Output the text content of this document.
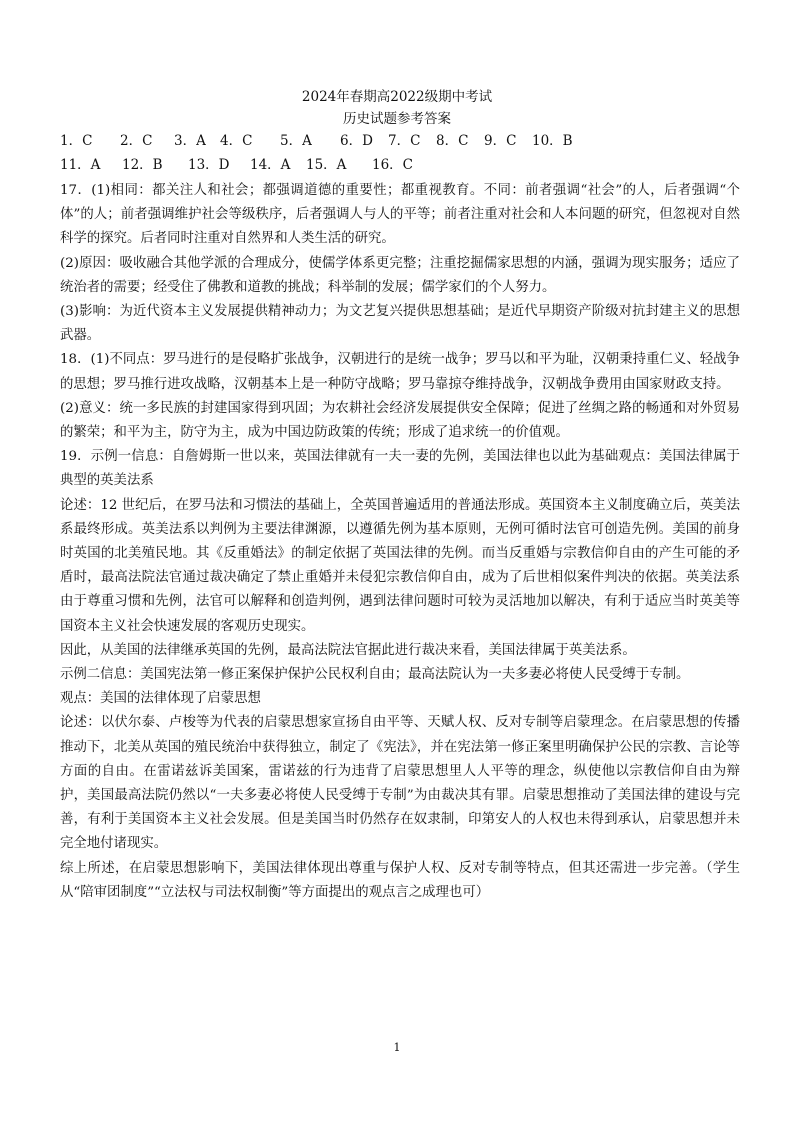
2024年春期高2022级期中考试
历史试题参考答案
1．C 2．C 3．A 4．C 5．A 6．D 7．C 8．C 9．C 10．B
11．A 12．B 13．D 14．A 15．A 16．C

17．(1)相同：都关注人和社会；都强调道德的重要性；都重视教育。不同：前者强调“社会”的人，后者强调“个体”的人；前者强调维护社会等级秩序，后者强调人与人的平等；前者注重对社会和人本问题的研究，但忽视对自然科学的探究。后者同时注重对自然界和人类生活的研究。

(2)原因：吸收融合其他学派的合理成分，使儒学体系更完整；注重挖掘儒家思想的内涵，强调为现实服务；适应了统治者的需要；经受住了佛教和道教的挑战；科举制的发展；儒学家们的个人努力。

(3)影响：为近代资本主义发展提供精神动力；为文艺复兴提供思想基础；是近代早期资产阶级对抗封建主义的思想武器。

18．(1)不同点：罗马进行的是侵略扩张战争，汉朝进行的是统一战争；罗马以和平为耻，汉朝秉持重仁义、轻战争的思想；罗马推行进攻战略，汉朝基本上是一种防守战略；罗马靠掠夺维持战争，汉朝战争费用由国家财政支持。

(2)意义：统一多民族的封建国家得到巩固；为农耕社会经济发展提供安全保障；促进了丝绸之路的畅通和对外贸易的繁荣；和平为主，防守为主，成为中国边防政策的传统；形成了追求统一的价值观。

19．示例一信息：自詹姆斯一世以来，英国法律就有一夫一妻的先例，美国法律也以此为基础观点：美国法律属于典型的英美法系

论述：12 世纪后，在罗马法和习惯法的基础上，全英国普遍适用的普通法形成。英国资本主义制度确立后，英美法系最终形成。英美法系以判例为主要法律渊源，以遵循先例为基本原则，无例可循时法官可创造先例。美国的前身时英国的北美殖民地。其《反重婚法》的制定依据了英国法律的先例。而当反重婚与宗教信仰自由的产生可能的矛盾时，最高法院法官通过裁决确定了禁止重婚并未侵犯宗教信仰自由，成为了后世相似案件判决的依据。英美法系由于尊重习惯和先例，法官可以解释和创造判例，遇到法律问题时可较为灵活地加以解决，有利于适应当时英美等国资本主义社会快速发展的客观历史现实。

因此，从美国的法律继承英国的先例，最高法院法官据此进行裁决来看，美国法律属于英美法系。

示例二信息：美国宪法第一修正案保护保护公民权利自由；最高法院认为一夫多妻必将使人民受缚于专制。

观点：美国的法律体现了启蒙思想

论述：以伏尔泰、卢梭等为代表的启蒙思想家宣扬自由平等、天赋人权、反对专制等启蒙理念。在启蒙思想的传播推动下，北美从英国的殖民统治中获得独立，制定了《宪法》，并在宪法第一修正案里明确保护公民的宗教、言论等方面的自由。在雷诺兹诉美国案，雷诺兹的行为违背了启蒙思想里人人平等的理念，纵使他以宗教信仰自由为辩护，美国最高法院仍然以“一夫多妻必将使人民受缚于专制”为由裁决其有罪。启蒙思想推动了美国法律的建设与完善，有利于美国资本主义社会发展。但是美国当时仍然存在奴隶制，印第安人的人权也未得到承认，启蒙思想并未完全地付诸现实。

综上所述，在启蒙思想影响下，美国法律体现出尊重与保护人权、反对专制等特点，但其还需进一步完善。（学生从“陪审团制度”“立法权与司法权制衡”等方面提出的观点言之成理也可）

1
